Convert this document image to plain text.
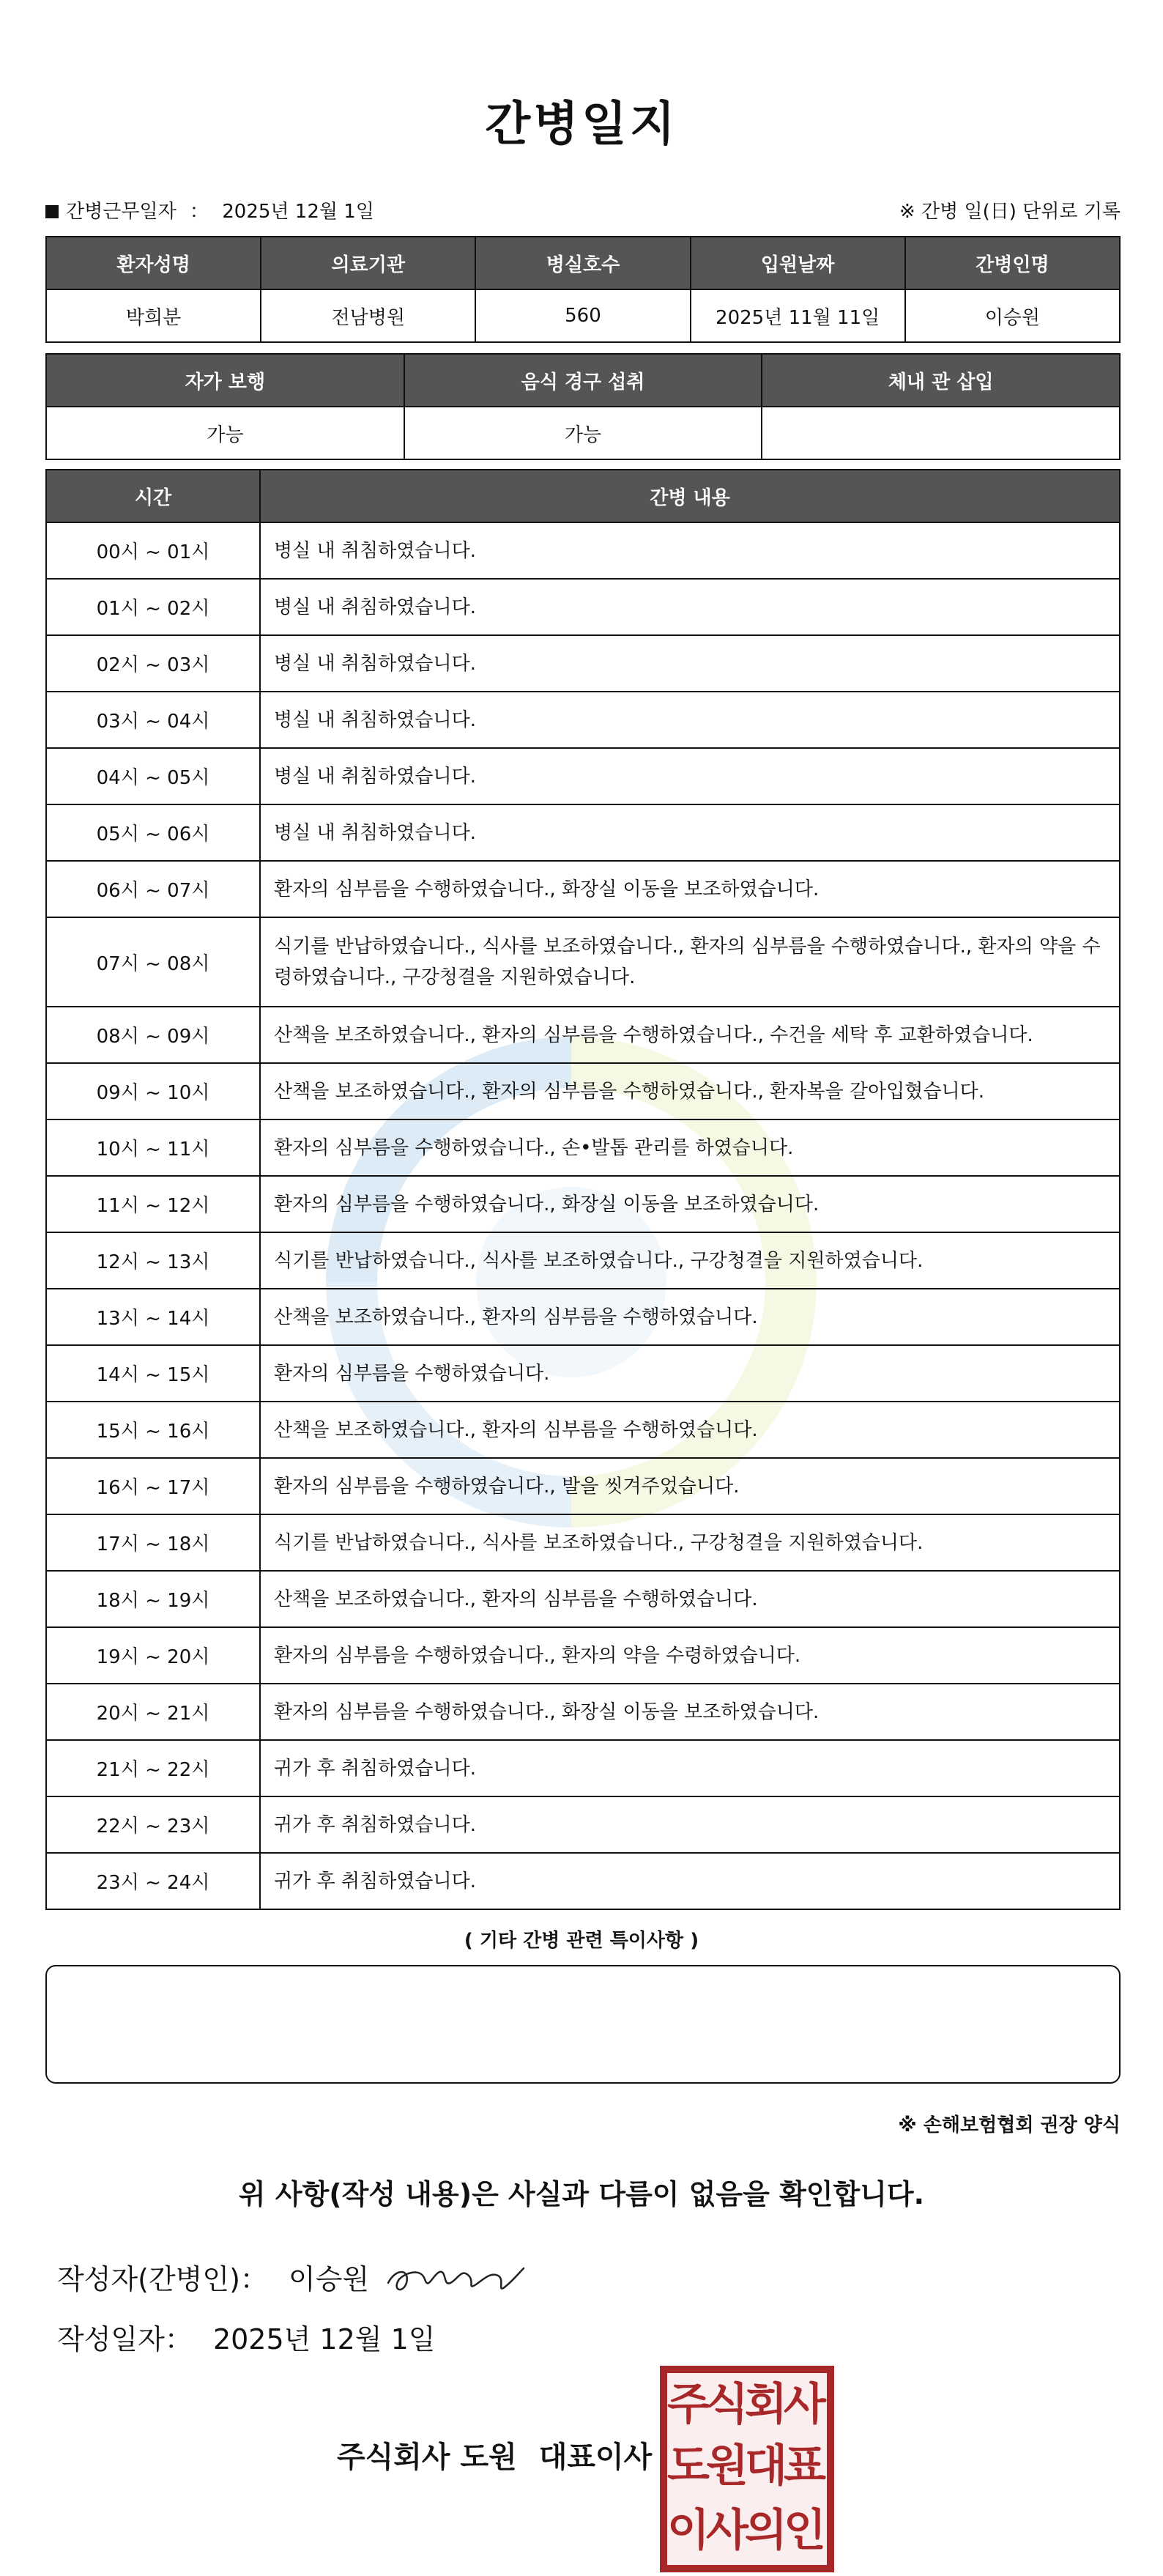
간병일지
간병근무일자 ： 2025년 12월 1일	※ 간병 일(日) 단위로 기록
환자성명	의료기관	병실호수	입원날짜	간병인명
박희분	전남병원	560	2025년 11월 11일	이승원
자가 보행	음식 경구 섭취	체내 관 삽입
가능	가능	
시간	간병 내용
00시 ~ 01시	병실 내 취침하였습니다.
01시 ~ 02시	병실 내 취침하였습니다.
02시 ~ 03시	병실 내 취침하였습니다.
03시 ~ 04시	병실 내 취침하였습니다.
04시 ~ 05시	병실 내 취침하였습니다.
05시 ~ 06시	병실 내 취침하였습니다.
06시 ~ 07시	환자의 심부름을 수행하였습니다., 화장실 이동을 보조하였습니다.
07시 ~ 08시	식기를 반납하였습니다., 식사를 보조하였습니다., 환자의 심부름을 수행하였습니다., 환자의 약을 수령하였습니다., 구강청결을 지원하였습니다.
08시 ~ 09시	산책을 보조하였습니다., 환자의 심부름을 수행하였습니다., 수건을 세탁 후 교환하였습니다.
09시 ~ 10시	산책을 보조하였습니다., 환자의 심부름을 수행하였습니다., 환자복을 갈아입혔습니다.
10시 ~ 11시	환자의 심부름을 수행하였습니다., 손•발톱 관리를 하였습니다.
11시 ~ 12시	환자의 심부름을 수행하였습니다., 화장실 이동을 보조하였습니다.
12시 ~ 13시	식기를 반납하였습니다., 식사를 보조하였습니다., 구강청결을 지원하였습니다.
13시 ~ 14시	산책을 보조하였습니다., 환자의 심부름을 수행하였습니다.
14시 ~ 15시	환자의 심부름을 수행하였습니다.
15시 ~ 16시	산책을 보조하였습니다., 환자의 심부름을 수행하였습니다.
16시 ~ 17시	환자의 심부름을 수행하였습니다., 발을 씻겨주었습니다.
17시 ~ 18시	식기를 반납하였습니다., 식사를 보조하였습니다., 구강청결을 지원하였습니다.
18시 ~ 19시	산책을 보조하였습니다., 환자의 심부름을 수행하였습니다.
19시 ~ 20시	환자의 심부름을 수행하였습니다., 환자의 약을 수령하였습니다.
20시 ~ 21시	환자의 심부름을 수행하였습니다., 화장실 이동을 보조하였습니다.
21시 ~ 22시	귀가 후 취침하였습니다.
22시 ~ 23시	귀가 후 취침하였습니다.
23시 ~ 24시	귀가 후 취침하였습니다.
( 기타 간병 관련 특이사항 )
※ 손해보험협회 권장 양식
위 사항(작성 내용)은 사실과 다름이 없음을 확인합니다.
작성자(간병인)： 이승원
작성일자： 2025년 12월 1일
주식회사 도원 대표이사
주
식
회
사
도
원
대
표
이
사
의
인
